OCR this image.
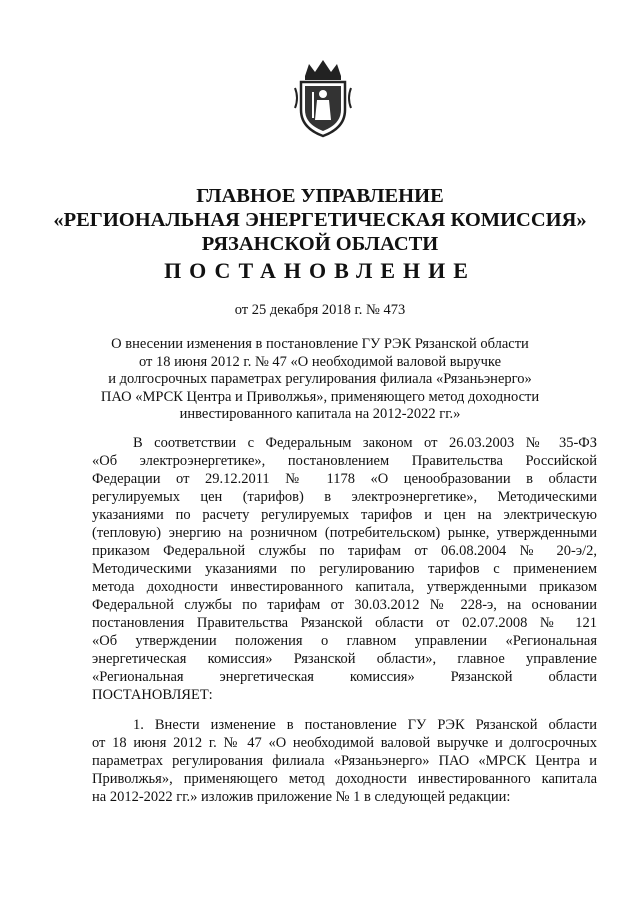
ГЛАВНОЕ УПРАВЛЕНИЕ
«РЕГИОНАЛЬНАЯ ЭНЕРГЕТИЧЕСКАЯ КОМИССИЯ»
РЯЗАНСКОЙ ОБЛАСТИ
ПОСТАНОВЛЕНИЕ
от 25 декабря 2018 г. № 473
О внесении изменения в постановление ГУ РЭК Рязанской области
от 18 июня 2012 г. № 47 «О необходимой валовой выручке
и долгосрочных параметрах регулирования филиала «Рязаньэнерго»
ПАО «МРСК Центра и Приволжья», применяющего метод доходности
инвестированного капитала на 2012-2022 гг.»
В соответствии с Федеральным законом от 26.03.2003 № 35-ФЗ
«Об электроэнергетике», постановлением Правительства Российской
Федерации от 29.12.2011 № 1178 «О ценообразовании в области
регулируемых цен (тарифов) в электроэнергетике», Методическими
указаниями по расчету регулируемых тарифов и цен на электрическую
(тепловую) энергию на розничном (потребительском) рынке, утвержденными
приказом Федеральной службы по тарифам от 06.08.2004 № 20-э/2,
Методическими указаниями по регулированию тарифов с применением
метода доходности инвестированного капитала, утвержденными приказом
Федеральной службы по тарифам от 30.03.2012 № 228-э, на основании
постановления Правительства Рязанской области от 02.07.2008 № 121
«Об утверждении положения о главном управлении «Региональная
энергетическая комиссия» Рязанской области», главное управление
«Региональная энергетическая комиссия» Рязанской области
ПОСТАНОВЛЯЕТ:
1. Внести изменение в постановление ГУ РЭК Рязанской области
от 18 июня 2012 г. № 47 «О необходимой валовой выручке и долгосрочных
параметрах регулирования филиала «Рязаньэнерго» ПАО «МРСК Центра и
Приволжья», применяющего метод доходности инвестированного капитала
на 2012-2022 гг.» изложив приложение № 1 в следующей редакции:
